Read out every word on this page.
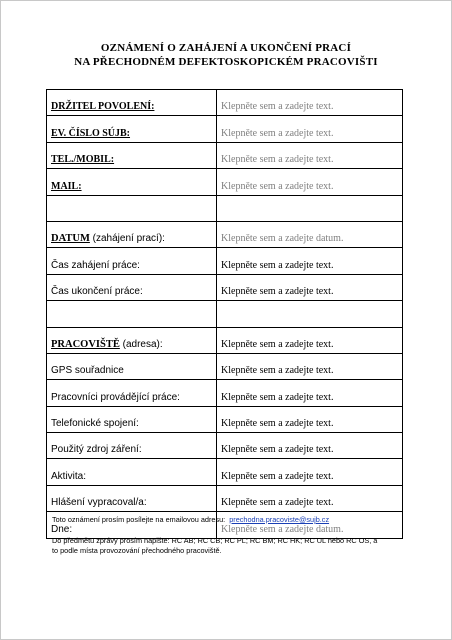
OZNÁMENÍ O ZAHÁJENÍ A UKONČENÍ PRACÍ
NA PŘECHODNÉM DEFEKTOSKOPICKÉM PRACOVIŠTI
DRŽITEL POVOLENÍ:	Klepněte sem a zadejte text.
EV. ČÍSLO SÚJB:	Klepněte sem a zadejte text.
TEL./MOBIL:	Klepněte sem a zadejte text.
MAIL:	Klepněte sem a zadejte text.

DATUM (zahájení prací):	Klepněte sem a zadejte datum.
Čas zahájení práce:	Klepněte sem a zadejte text.
Čas ukončení práce:	Klepněte sem a zadejte text.

PRACOVIŠTĚ (adresa):	Klepněte sem a zadejte text.
GPS souřadnice	Klepněte sem a zadejte text.
Pracovníci provádějící práce:	Klepněte sem a zadejte text.
Telefonické spojení:	Klepněte sem a zadejte text.
Použitý zdroj záření:	Klepněte sem a zadejte text.
Aktivita:	Klepněte sem a zadejte text.
Hlášení vypracoval/a:	Klepněte sem a zadejte text.
Dne:	Klepněte sem a zadejte datum.
Toto oznámení prosím posílejte na emailovou adresu: prechodna.pracoviste@sujb.cz
Do předmětu zprávy prosím napište: RC AB; RC CB; RC PL; RC BM; RC HK; RC UL nebo RC OS, a to podle místa provozování přechodného pracoviště.
